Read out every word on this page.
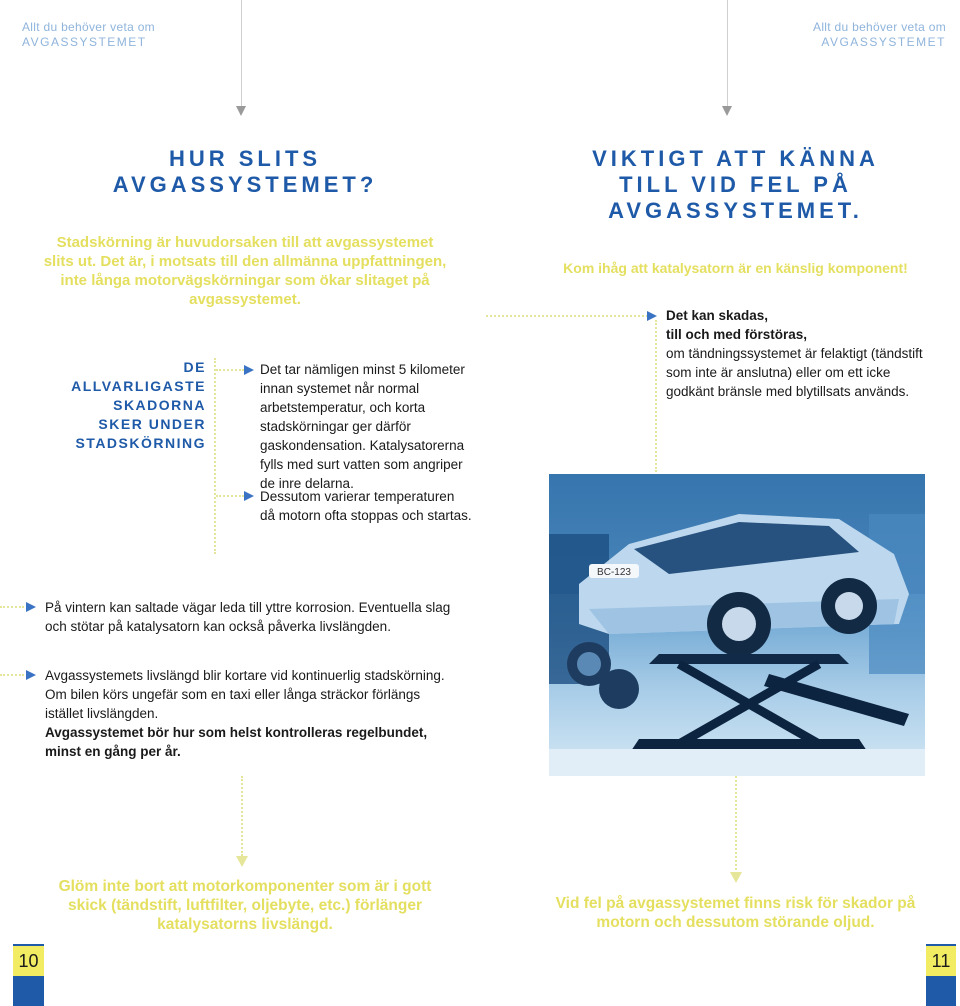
Allt du behöver veta om
AVGASSYSTEMET
Allt du behöver veta om
AVGASSYSTEMET
HUR SLITS
AVGASSYSTEMET?
Stadskörning är huvudorsaken till att avgassystemet slits ut. Det är, i motsats till den allmänna uppfattningen, inte långa motorvägskörningar som ökar slitaget på avgassystemet.
DE
ALLVARLIGASTE
SKADORNA
SKER UNDER
STADSKÖRNING
Det tar nämligen minst 5 kilometer innan systemet når normal arbetstemperatur, och korta stadskörningar ger därför gaskondensation. Katalysatorerna fylls med surt vatten som angriper de inre delarna.
Dessutom varierar temperaturen då motorn ofta stoppas och startas.
På vintern kan saltade vägar leda till yttre korrosion. Eventuella slag och stötar på katalysatorn kan också påverka livslängden.
Avgassystemets livslängd blir kortare vid kontinuerlig stadskörning. Om bilen körs ungefär som en taxi eller långa sträckor förlängs istället livslängden.
Avgassystemet bör hur som helst kontrolleras regelbundet, minst en gång per år.
Glöm inte bort att motorkomponenter som är i gott skick (tändstift, luftfilter, oljebyte, etc.) förlänger katalysatorns livslängd.
VIKTIGT ATT KÄNNA
TILL VID FEL PÅ
AVGASSYSTEMET.
Kom ihåg att katalysatorn är en känslig komponent!
Det kan skadas,
till och med förstöras,
om tändningssystemet är felaktigt (tändstift som inte är anslutna) eller om ett icke godkänt bränsle med blytillsats används.
BC-123
Vid fel på avgassystemet finns risk för skador på motorn och dessutom störande oljud.
10	11
